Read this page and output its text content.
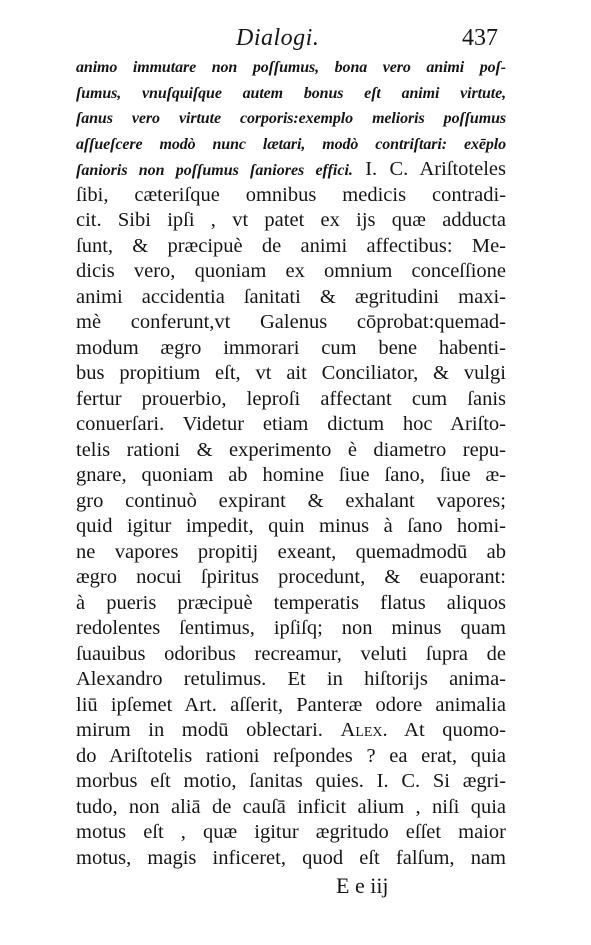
Dialogi.	437
animo immutare non poſſumus, bona vero animi poſ-
ſumus, vnuſquiſque autem bonus eſt animi virtute,
ſanus vero virtute corporis:exemplo melioris poſſumus
aſſueſcere modò nunc lætari, modò contriſtari: exēplo
ſanioris non poſſumus ſaniores effici. I. C. Ariſtoteles
ſibi, cæteriſque omnibus medicis contradi-
cit. Sibi ipſi , vt patet ex ijs quæ adducta
ſunt, & præcipuè de animi affectibus: Me-
dicis vero, quoniam ex omnium conceſſione
animi accidentia ſanitati & ægritudini maxi-
mè conferunt,vt Galenus cōprobat:quemad-
modum ægro immorari cum bene habenti-
bus propitium eſt, vt ait Conciliator, & vulgi
fertur prouerbio, leproſi affectant cum ſanis
conuerſari. Videtur etiam dictum hoc Ariſto-
telis rationi & experimento è diametro repu-
gnare, quoniam ab homine ſiue ſano, ſiue æ-
gro continuò expirant & exhalant vapores;
quid igitur impedit, quin minus à ſano homi-
ne vapores propitij exeant, quemadmodū ab
ægro nocui ſpiritus procedunt, & euaporant:
à pueris præcipuè temperatis flatus aliquos
redolentes ſentimus, ipſiſq; non minus quam
ſuauibus odoribus recreamur, veluti ſupra de
Alexandro retulimus. Et in hiſtorijs anima-
liū ipſemet Art. aſſerit, Panteræ odore animalia
mirum in modū oblectari. Alex. At quomo-
do Ariſtotelis rationi reſpondes ? ea erat, quia
morbus eſt motio, ſanitas quies. I. C. Si ægri-
tudo, non aliā de cauſā inficit alium , niſi quia
motus eſt , quæ igitur ægritudo eſſet maior
motus, magis inficeret, quod eſt falſum, nam
E e iij
